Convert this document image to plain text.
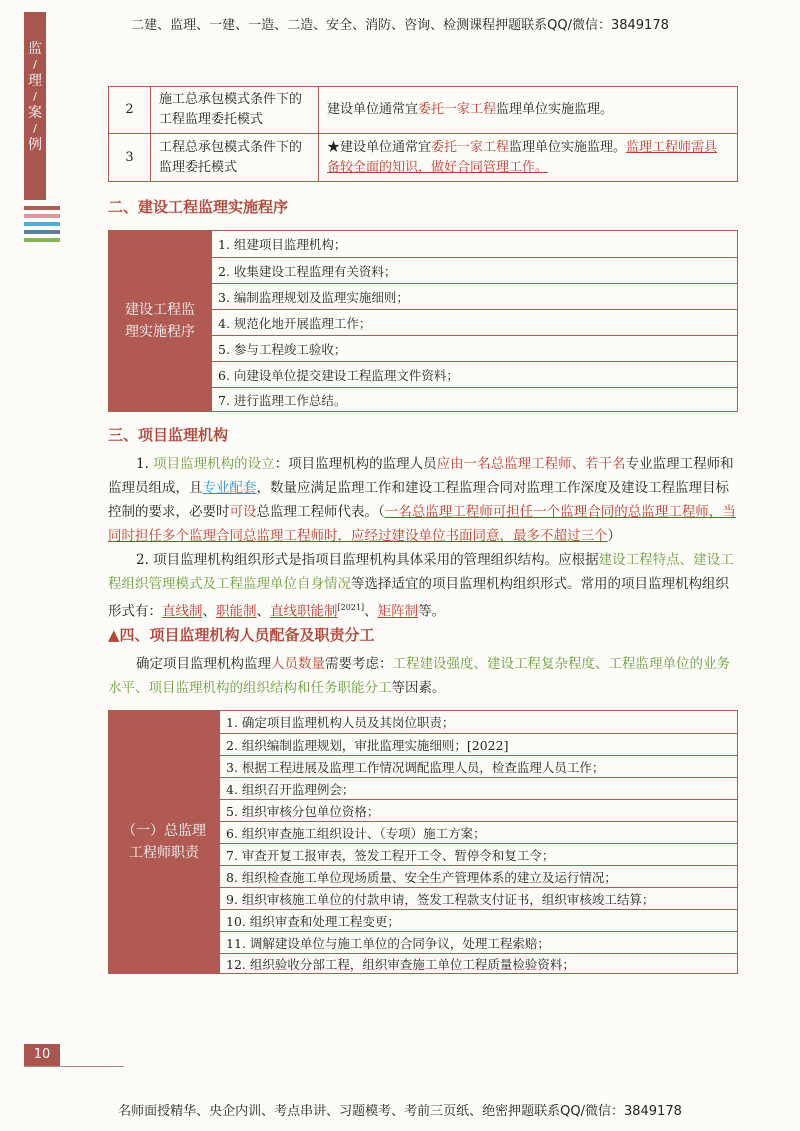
二建、监理、一建、一造、二造、安全、消防、咨询、检测课程押题联系QQ/微信：3849178
监
/
理
/
案
/
例
2	施工总承包模式条件下的工程监理委托模式	建设单位通常宜委托一家工程监理单位实施监理。
3	工程总承包模式条件下的监理委托模式	★建设单位通常宜委托一家工程监理单位实施监理。监理工程师需具备较全面的知识，做好合同管理工作。
二、建设工程监理实施程序
建设工程监理实施程序
1. 组建项目监理机构；
2. 收集建设工程监理有关资料；
3. 编制监理规划及监理实施细则；
4. 规范化地开展监理工作；
5. 参与工程竣工验收；
6. 向建设单位提交建设工程监理文件资料；
7. 进行监理工作总结。
三、项目监理机构
1. 项目监理机构的设立：项目监理机构的监理人员应由一名总监理工程师、若干名专业监理工程师和监理员组成，且专业配套，数量应满足监理工作和建设工程监理合同对监理工作深度及建设工程监理目标控制的要求，必要时可设总监理工程师代表。（一名总监理工程师可担任一个监理合同的总监理工程师，当同时担任多个监理合同总监理工程师时，应经过建设单位书面同意，最多不超过三个）
2. 项目监理机构组织形式是指项目监理机构具体采用的管理组织结构。应根据建设工程特点、建设工程组织管理模式及工程监理单位自身情况等选择适宜的项目监理机构组织形式。常用的项目监理机构组织形式有：直线制、职能制、直线职能制[2021]、矩阵制等。
▲四、项目监理机构人员配备及职责分工
确定项目监理机构监理人员数量需要考虑：工程建设强度、建设工程复杂程度、工程监理单位的业务水平、项目监理机构的组织结构和任务职能分工等因素。
（一）总监理工程师职责
1. 确定项目监理机构人员及其岗位职责；
2. 组织编制监理规划，审批监理实施细则；[2022]
3. 根据工程进展及监理工作情况调配监理人员，检查监理人员工作；
4. 组织召开监理例会；
5. 组织审核分包单位资格；
6. 组织审查施工组织设计、（专项）施工方案；
7. 审查开复工报审表，签发工程开工令、暂停令和复工令；
8. 组织检查施工单位现场质量、安全生产管理体系的建立及运行情况；
9. 组织审核施工单位的付款申请，签发工程款支付证书，组织审核竣工结算；
10. 组织审查和处理工程变更；
11. 调解建设单位与施工单位的合同争议，处理工程索赔；
12. 组织验收分部工程，组织审查施工单位工程质量检验资料；
10
名师面授精华、央企内训、考点串讲、习题模考、考前三页纸、绝密押题联系QQ/微信：3849178
